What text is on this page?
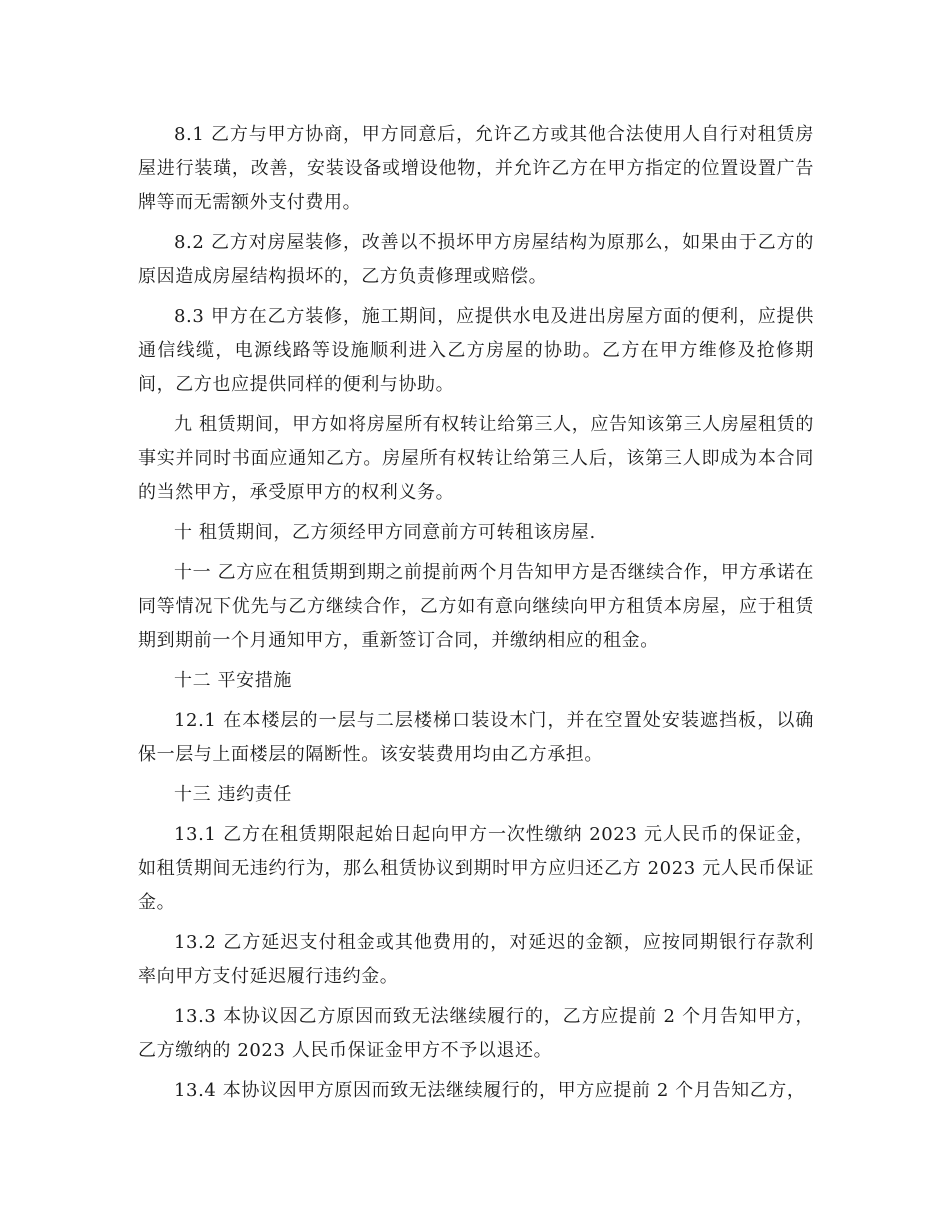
8.1 乙方与甲方协商，甲方同意后，允许乙方或其他合法使用人自行对租赁房屋进行装璜，改善，安装设备或增设他物，并允许乙方在甲方指定的位置设置广告牌等而无需额外支付费用。

8.2 乙方对房屋装修，改善以不损坏甲方房屋结构为原那么，如果由于乙方的原因造成房屋结构损坏的，乙方负责修理或赔偿。

8.3 甲方在乙方装修，施工期间，应提供水电及进出房屋方面的便利，应提供通信线缆，电源线路等设施顺利进入乙方房屋的协助。乙方在甲方维修及抢修期间，乙方也应提供同样的便利与协助。

九 租赁期间，甲方如将房屋所有权转让给第三人，应告知该第三人房屋租赁的事实并同时书面应通知乙方。房屋所有权转让给第三人后，该第三人即成为本合同的当然甲方，承受原甲方的权利义务。

十 租赁期间，乙方须经甲方同意前方可转租该房屋.

十一 乙方应在租赁期到期之前提前两个月告知甲方是否继续合作，甲方承诺在同等情况下优先与乙方继续合作，乙方如有意向继续向甲方租赁本房屋，应于租赁期到期前一个月通知甲方，重新签订合同，并缴纳相应的租金。

十二 平安措施

12.1 在本楼层的一层与二层楼梯口装设木门，并在空置处安装遮挡板，以确保一层与上面楼层的隔断性。该安装费用均由乙方承担。

十三 违约责任

13.1 乙方在租赁期限起始日起向甲方一次性缴纳 2023 元人民币的保证金，如租赁期间无违约行为，那么租赁协议到期时甲方应归还乙方 2023 元人民币保证金。

13.2 乙方延迟支付租金或其他费用的，对延迟的金额，应按同期银行存款利率向甲方支付延迟履行违约金。

13.3 本协议因乙方原因而致无法继续履行的，乙方应提前 2 个月告知甲方，乙方缴纳的 2023 人民币保证金甲方不予以退还。

13.4 本协议因甲方原因而致无法继续履行的，甲方应提前 2 个月告知乙方，
